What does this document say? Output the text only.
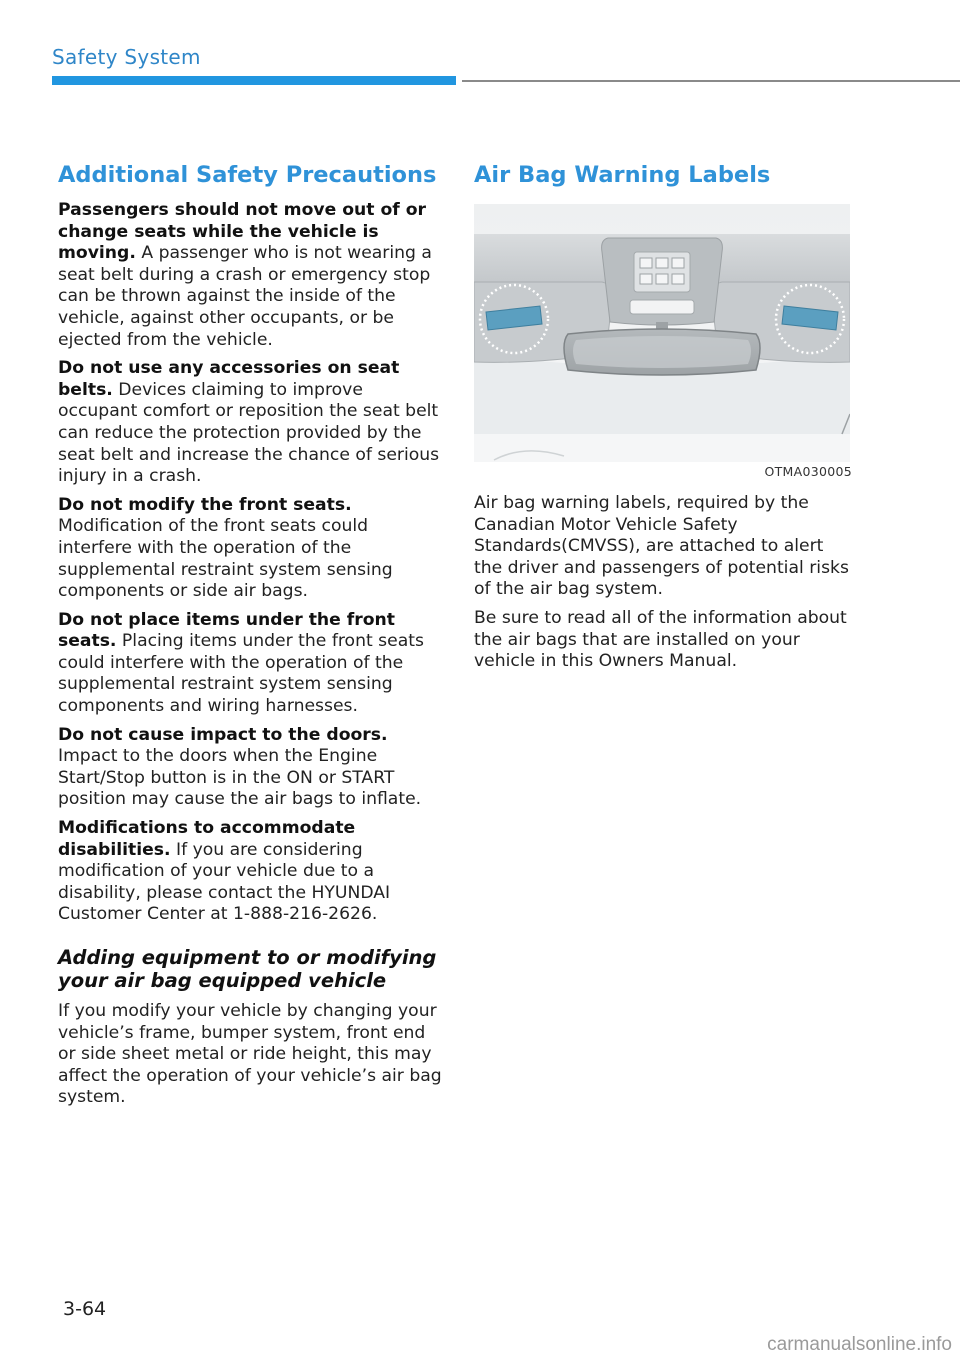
Safety System
Additional Safety Precautions

Passengers should not move out of or change seats while the vehicle is moving. A passenger who is not wearing a seat belt during a crash or emergency stop can be thrown against the inside of the vehicle, against other occupants, or be ejected from the vehicle.

Do not use any accessories on seat belts. Devices claiming to improve occupant comfort or reposition the seat belt can reduce the protection provided by the seat belt and increase the chance of serious injury in a crash.

Do not modify the front seats. Modification of the front seats could interfere with the operation of the supplemental restraint system sensing components or side air bags.

Do not place items under the front seats. Placing items under the front seats could interfere with the operation of the supplemental restraint system sensing components and wiring harnesses.

Do not cause impact to the doors. Impact to the doors when the Engine Start/Stop button is in the ON or START position may cause the air bags to inflate.

Modifications to accommodate disabilities. If you are considering modification of your vehicle due to a disability, please contact the HYUNDAI Customer Center at 1-888-216-2626.

Adding equipment to or modifying your air bag equipped vehicle

If you modify your vehicle by changing your vehicle’s frame, bumper system, front end or side sheet metal or ride height, this may affect the operation of your vehicle’s air bag system.

Air Bag Warning Labels
OTMA030005

Air bag warning labels, required by the Canadian Motor Vehicle Safety Standards(CMVSS), are attached to alert the driver and passengers of potential risks of the air bag system.

Be sure to read all of the information about the air bags that are installed on your vehicle in this Owners Manual.

3-64
carmanualsonline.info
